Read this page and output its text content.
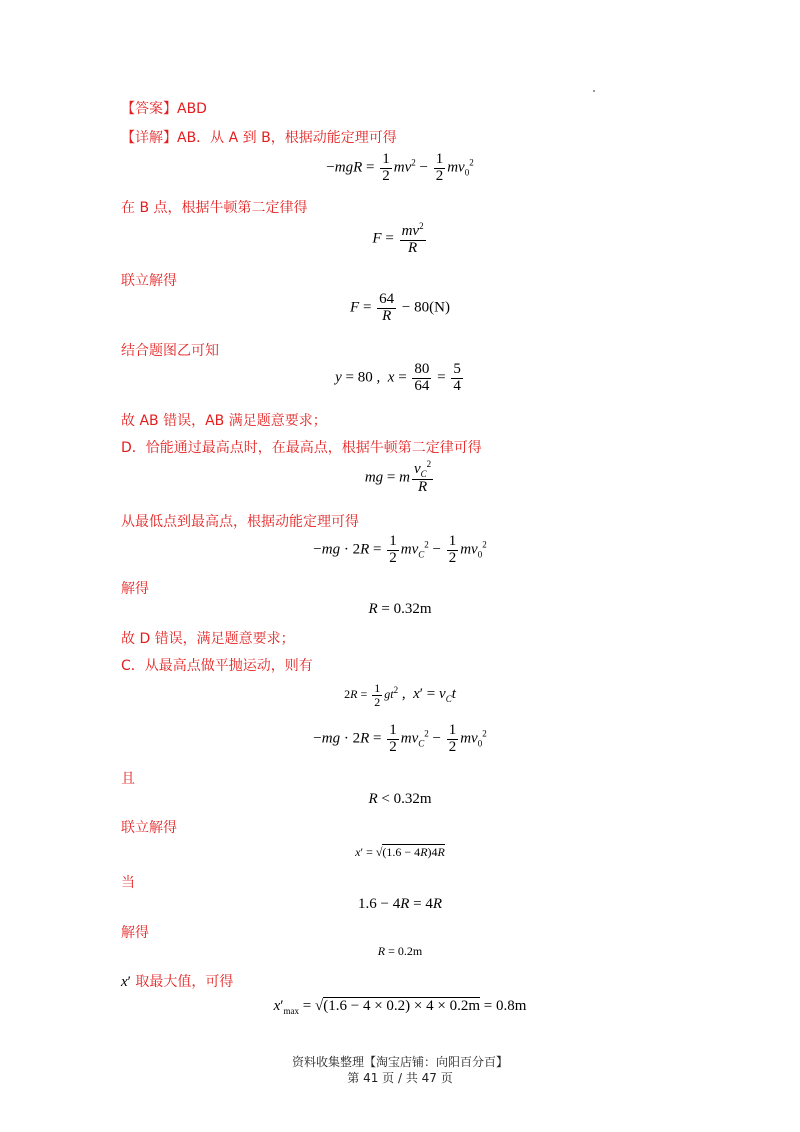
【答案】ABD
【详解】AB．从 A 到 B，根据动能定理可得
$-mgR = \frac{1}{2} mv^2 - \frac{1}{2} mv_0^2$
在 B 点，根据牛顿第二定律得
$F = \frac{mv^2}{R}$
联立解得
$F = \frac{64}{R} - 80(N)$
结合题图乙可知
y = 80 ,  $x = \frac{80}{64} = \frac{5}{4}$
故 AB 错误，AB 满足题意要求；
D．恰能通过最高点时，在最高点，根据牛顿第二定律可得
mg = m $\frac{v_C^2}{R}$
从最低点到最高点，根据动能定理可得
$-mg \cdot 2R = \frac{1}{2} mv_C^2 - \frac{1}{2} mv_0^2$
解得
R = 0.32m
故 D 错误，满足题意要求；
C．从最高点做平抛运动，则有
$2R = \frac{1}{2} gt^2$ ,  $x' = v_Ct$
$-mg \cdot 2R = \frac{1}{2} mv_C^2 - \frac{1}{2} mv_0^2$
且
R < 0.32m
联立解得
x′ = √(1.6 − 4R)4R
当
1.6 − 4R = 4R
解得
R = 0.2m
x′ 取最大值，可得
$x'_{max} = √(1.6 - 4 \times 0.2) \times 4 \times 0.2m = 0.8m$
资料收集整理【淘宝店铺：向阳百分百】
第 41 页 / 共 47 页
